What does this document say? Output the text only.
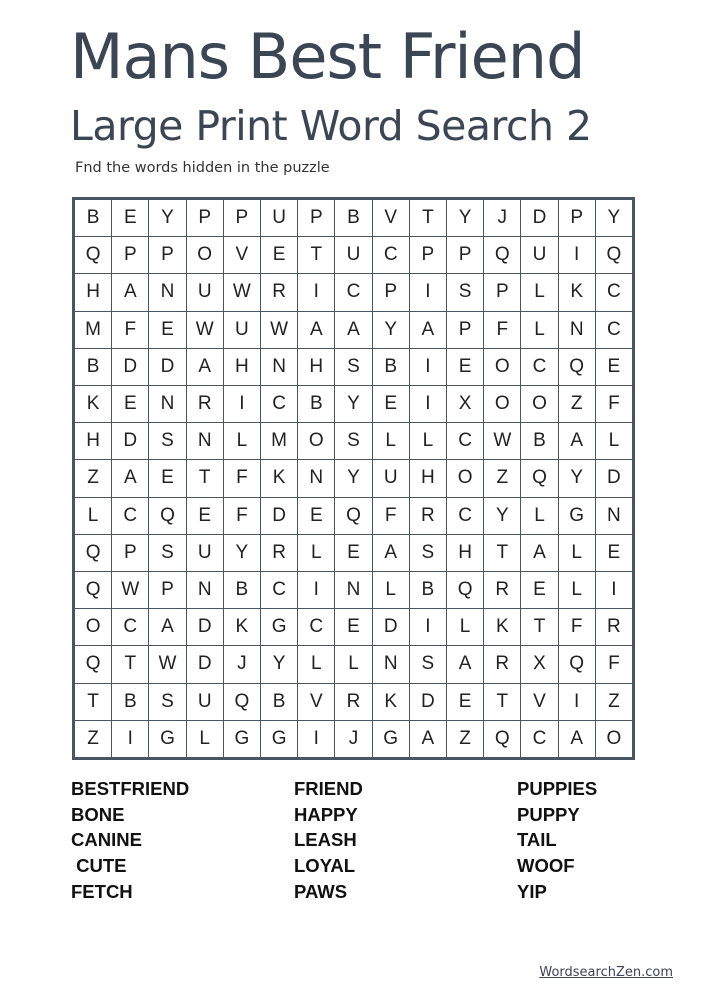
Mans Best Friend
Large Print Word Search 2
Fnd the words hidden in the puzzle
B	E	Y	P	P	U	P	B	V	T	Y	J	D	P	Y
Q	P	P	O	V	E	T	U	C	P	P	Q	U	I	Q
H	A	N	U	W	R	I	C	P	I	S	P	L	K	C
M	F	E	W	U	W	A	A	Y	A	P	F	L	N	C
B	D	D	A	H	N	H	S	B	I	E	O	C	Q	E
K	E	N	R	I	C	B	Y	E	I	X	O	O	Z	F
H	D	S	N	L	M	O	S	L	L	C	W	B	A	L
Z	A	E	T	F	K	N	Y	U	H	O	Z	Q	Y	D
L	C	Q	E	F	D	E	Q	F	R	C	Y	L	G	N
Q	P	S	U	Y	R	L	E	A	S	H	T	A	L	E
Q	W	P	N	B	C	I	N	L	B	Q	R	E	L	I
O	C	A	D	K	G	C	E	D	I	L	K	T	F	R
Q	T	W	D	J	Y	L	L	N	S	A	R	X	Q	F
T	B	S	U	Q	B	V	R	K	D	E	T	V	I	Z
Z	I	G	L	G	G	I	J	G	A	Z	Q	C	A	O
BESTFRIEND
BONE
CANINE
CUTE
FETCH
FRIEND
HAPPY
LEASH
LOYAL
PAWS
PUPPIES
PUPPY
TAIL
WOOF
YIP
WordsearchZen.com
